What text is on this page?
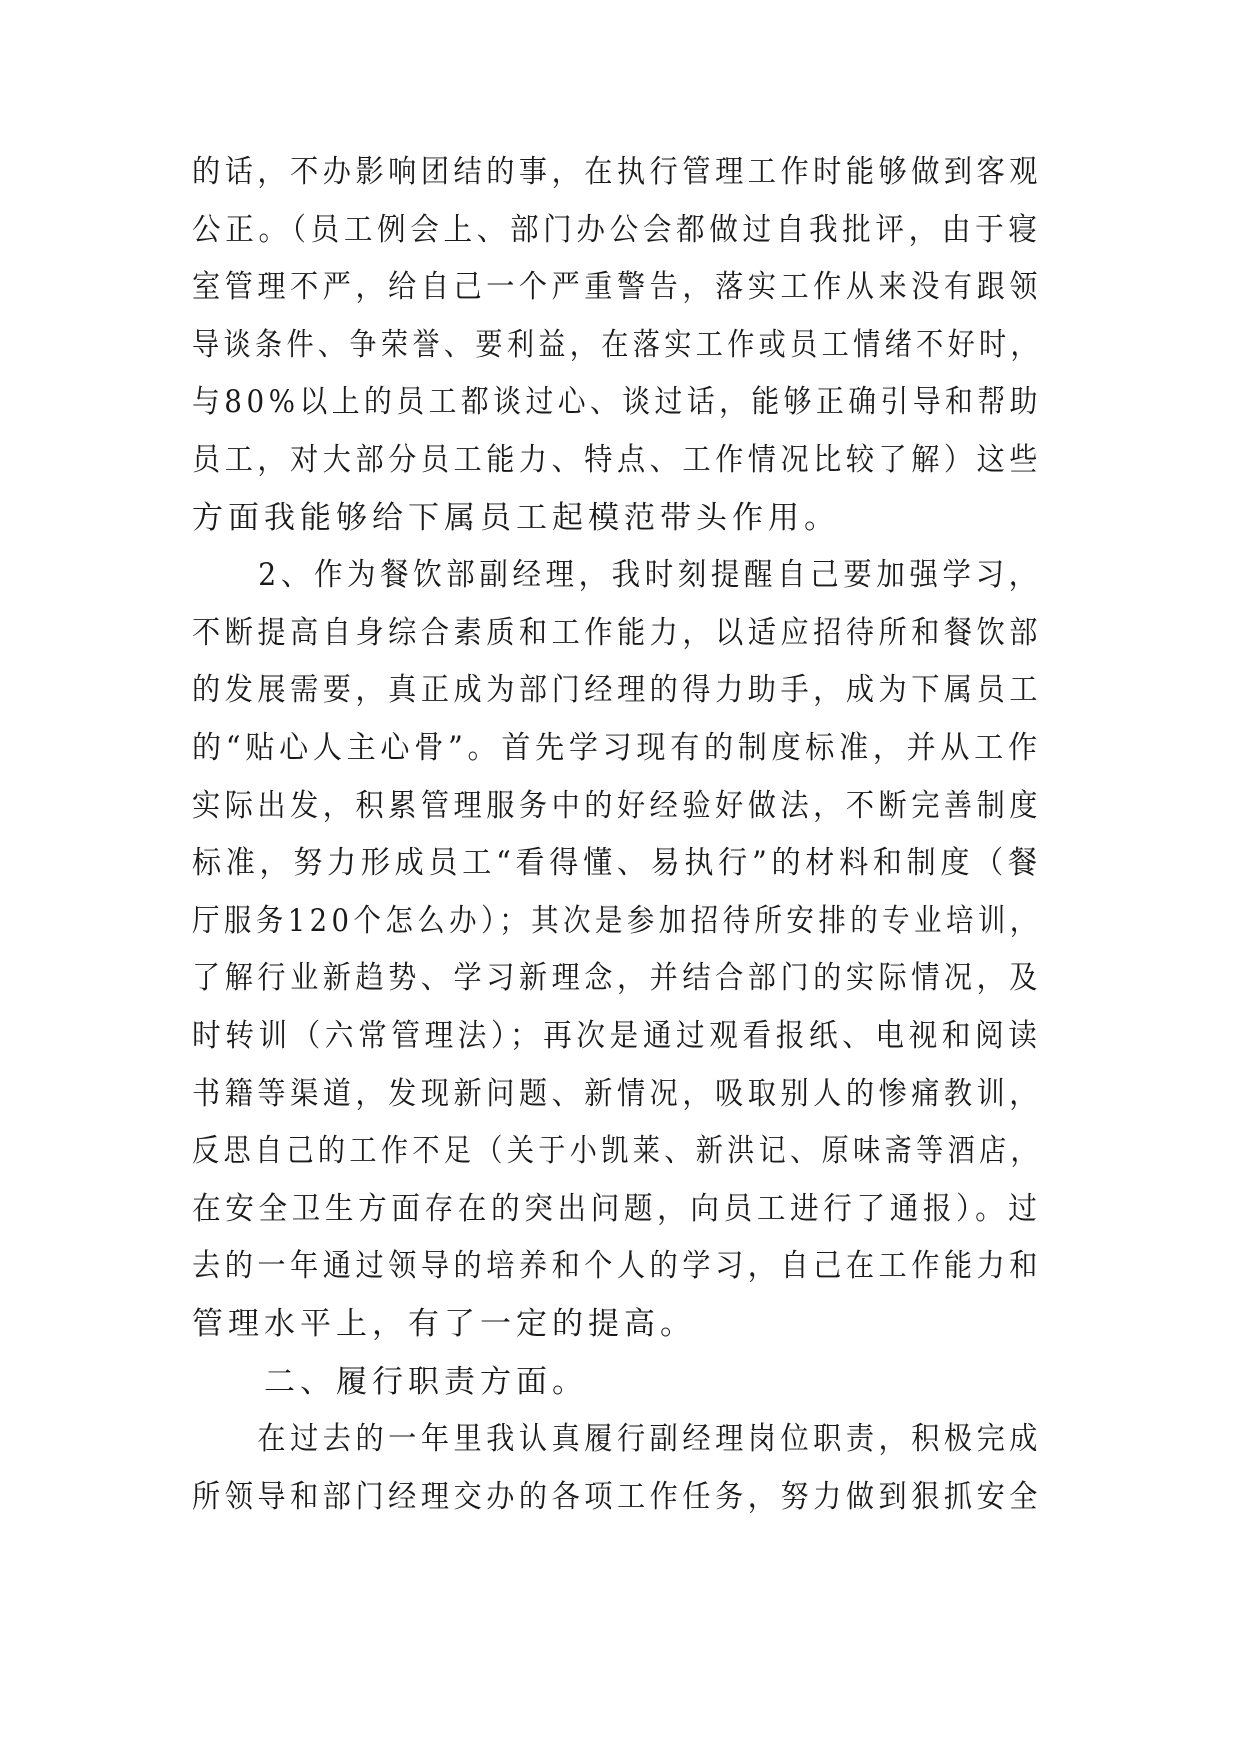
的话，不办影响团结的事，在执行管理工作时能够做到客观
公正。（员工例会上、部门办公会都做过自我批评，由于寝
室管理不严，给自己一个严重警告，落实工作从来没有跟领
导谈条件、争荣誉、要利益，在落实工作或员工情绪不好时，
与80%以上的员工都谈过心、谈过话，能够正确引导和帮助
员工，对大部分员工能力、特点、工作情况比较了解）这些
方面我能够给下属员工起模范带头作用。
　　2、作为餐饮部副经理，我时刻提醒自己要加强学习，
不断提高自身综合素质和工作能力，以适应招待所和餐饮部
的发展需要，真正成为部门经理的得力助手，成为下属员工
的“贴心人主心骨”。首先学习现有的制度标准，并从工作
实际出发，积累管理服务中的好经验好做法，不断完善制度
标准，努力形成员工“看得懂、易执行”的材料和制度（餐
厅服务120个怎么办）；其次是参加招待所安排的专业培训，
了解行业新趋势、学习新理念，并结合部门的实际情况，及
时转训（六常管理法）；再次是通过观看报纸、电视和阅读
书籍等渠道，发现新问题、新情况，吸取别人的惨痛教训，
反思自己的工作不足（关于小凯莱、新洪记、原味斋等酒店，
在安全卫生方面存在的突出问题，向员工进行了通报）。过
去的一年通过领导的培养和个人的学习，自己在工作能力和
管理水平上，有了一定的提高。
　　二、履行职责方面。
　　在过去的一年里我认真履行副经理岗位职责，积极完成
所领导和部门经理交办的各项工作任务，努力做到狠抓安全
